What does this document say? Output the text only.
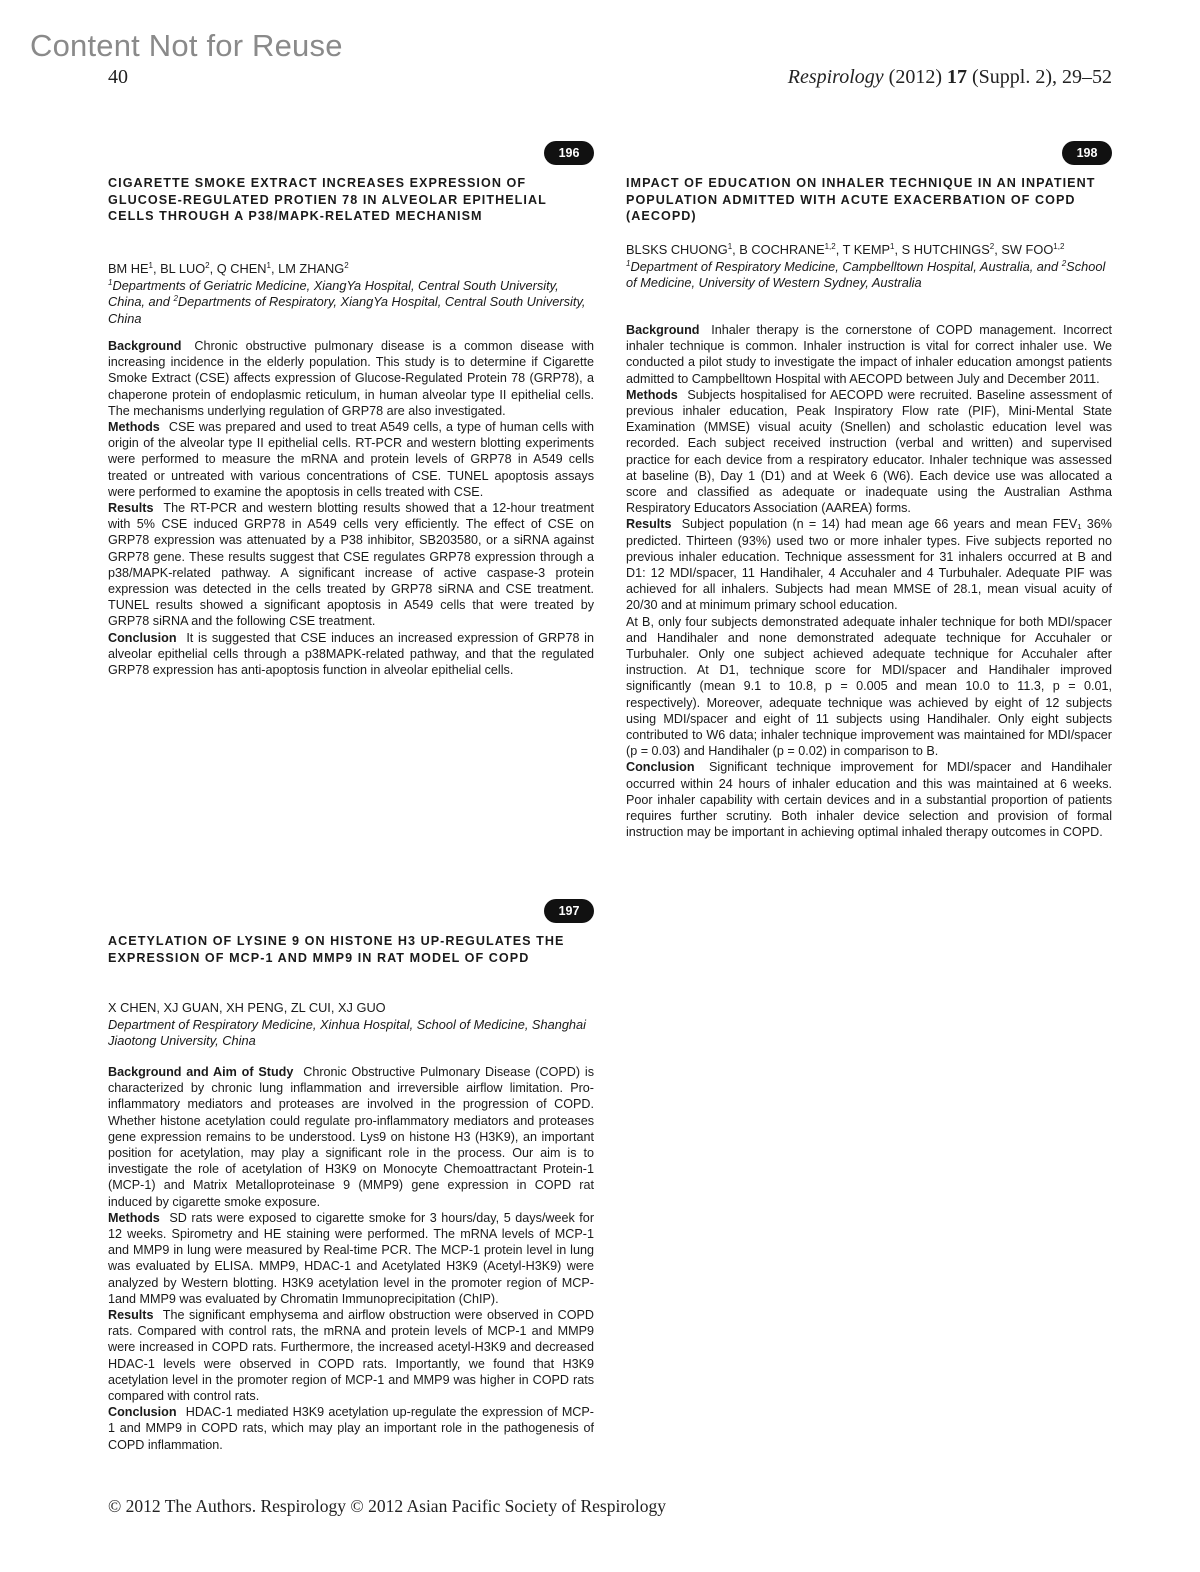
Content Not for Reuse
40	Respirology (2012) 17 (Suppl. 2), 29–52
196
CIGARETTE SMOKE EXTRACT INCREASES EXPRESSION OF GLUCOSE-REGULATED PROTIEN 78 IN ALVEOLAR EPITHELIAL CELLS THROUGH A P38/MAPK-RELATED MECHANISM

BM $HE^1$, BL LUO$^2$, Q CHEN$^1$, LM ZHANG$^2$

$^1$Departments of Geriatric Medicine, XiangYa Hospital, Central South University, China, and $^2$Departments of Respiratory, XiangYa Hospital, Central South University, China

Background Chronic obstructive pulmonary disease is a common disease with increasing incidence in the elderly population. This study is to determine if Cigarette Smoke Extract (CSE) affects expression of Glucose-Regulated Protein 78 (GRP78), a chaperone protein of endoplasmic reticulum, in human alveolar type II epithelial cells. The mechanisms underlying regulation of GRP78 are also investigated.

Methods CSE was prepared and used to treat A549 cells, a type of human cells with origin of the alveolar type II epithelial cells. RT-PCR and western blotting experiments were performed to measure the mRNA and protein levels of GRP78 in A549 cells treated or untreated with various concentrations of CSE. TUNEL apoptosis assays were performed to examine the apoptosis in cells treated with CSE.

Results The RT-PCR and western blotting results showed that a 12-hour treatment with 5% CSE induced GRP78 in A549 cells very efficiently. The effect of CSE on GRP78 expression was attenuated by a P38 inhibitor, SB203580, or a siRNA against GRP78 gene. These results suggest that CSE regulates GRP78 expression through a p38/MAPK-related pathway. A significant increase of active caspase-3 protein expression was detected in the cells treated by GRP78 siRNA and CSE treatment. TUNEL results showed a significant apoptosis in A549 cells that were treated by GRP78 siRNA and the following CSE treatment.

Conclusion It is suggested that CSE induces an increased expression of GRP78 in alveolar epithelial cells through a p38MAPK-related pathway, and that the regulated GRP78 expression has anti-apoptosis function in alveolar epithelial cells.

197
ACETYLATION OF LYSINE 9 ON HISTONE H3 UP-REGULATES THE EXPRESSION OF MCP-1 AND MMP9 IN RAT MODEL OF COPD

X CHEN, XJ GUAN, XH PENG, ZL CUI, XJ GUO

Department of Respiratory Medicine, Xinhua Hospital, School of Medicine, Shanghai Jiaotong University, China

Background and Aim of Study Chronic Obstructive Pulmonary Disease (COPD) is characterized by chronic lung inflammation and irreversible airflow limitation. Pro-inflammatory mediators and proteases are involved in the progression of COPD. Whether histone acetylation could regulate pro-inflammatory mediators and proteases gene expression remains to be understood. Lys9 on histone H3 (H3K9), an important position for acetylation, may play a significant role in the process. Our aim is to investigate the role of acetylation of H3K9 on Monocyte Chemoattractant Protein-1 (MCP-1) and Matrix Metalloproteinase 9 (MMP9) gene expression in COPD rat induced by cigarette smoke exposure.

Methods SD rats were exposed to cigarette smoke for 3 hours/day, 5 days/week for 12 weeks. Spirometry and HE staining were performed. The mRNA levels of MCP-1 and MMP9 in lung were measured by Real-time PCR. The MCP-1 protein level in lung was evaluated by ELISA. MMP9, HDAC-1 and Acetylated H3K9 (Acetyl-H3K9) were analyzed by Western blotting. H3K9 acetylation level in the promoter region of MCP-1and MMP9 was evaluated by Chromatin Immunoprecipitation (ChIP).

Results The significant emphysema and airflow obstruction were observed in COPD rats. Compared with control rats, the mRNA and protein levels of MCP-1 and MMP9 were increased in COPD rats. Furthermore, the increased acetyl-H3K9 and decreased HDAC-1 levels were observed in COPD rats. Importantly, we found that H3K9 acetylation level in the promoter region of MCP-1 and MMP9 was higher in COPD rats compared with control rats.

Conclusion HDAC-1 mediated H3K9 acetylation up-regulate the expression of MCP-1 and MMP9 in COPD rats, which may play an important role in the pathogenesis of COPD inflammation.

198
IMPACT OF EDUCATION ON INHALER TECHNIQUE IN AN INPATIENT POPULATION ADMITTED WITH ACUTE EXACERBATION OF COPD (AECOPD)

BLSKS CHUONG$^1$, B COCHRANE$^{1,2}$, T KEMP$^1$, S HUTCHINGS$^2$, SW FOO$^{1,2}$

$^1$Department of Respiratory Medicine, Campbelltown Hospital, Australia, and $^2$School of Medicine, University of Western Sydney, Australia

Background Inhaler therapy is the cornerstone of COPD management. Incorrect inhaler technique is common. Inhaler instruction is vital for correct inhaler use. We conducted a pilot study to investigate the impact of inhaler education amongst patients admitted to Campbelltown Hospital with AECOPD between July and December 2011.

Methods Subjects hospitalised for AECOPD were recruited. Baseline assessment of previous inhaler education, Peak Inspiratory Flow rate (PIF), Mini-Mental State Examination (MMSE) visual acuity (Snellen) and scholastic education level was recorded. Each subject received instruction (verbal and written) and supervised practice for each device from a respiratory educator. Inhaler technique was assessed at baseline (B), Day 1 (D1) and at Week 6 (W6). Each device use was allocated a score and classified as adequate or inadequate using the Australian Asthma Respiratory Educators Association (AAREA) forms.

Results Subject population (n = 14) had mean age 66 years and mean FEV₁ 36% predicted. Thirteen (93%) used two or more inhaler types. Five subjects reported no previous inhaler education. Technique assessment for 31 inhalers occurred at B and D1: 12 MDI/spacer, 11 Handihaler, 4 Accuhaler and 4 Turbuhaler. Adequate PIF was achieved for all inhalers. Subjects had mean MMSE of 28.1, mean visual acuity of 20/30 and at minimum primary school education.

At B, only four subjects demonstrated adequate inhaler technique for both MDI/spacer and Handihaler and none demonstrated adequate technique for Accuhaler or Turbuhaler. Only one subject achieved adequate technique for Accuhaler after instruction. At D1, technique score for MDI/spacer and Handihaler improved significantly (mean 9.1 to 10.8, p = 0.005 and mean 10.0 to 11.3, p = 0.01, respectively). Moreover, adequate technique was achieved by eight of 12 subjects using MDI/spacer and eight of 11 subjects using Handihaler. Only eight subjects contributed to W6 data; inhaler technique improvement was maintained for MDI/spacer (p = 0.03) and Handihaler (p = 0.02) in comparison to B.

Conclusion Significant technique improvement for MDI/spacer and Handihaler occurred within 24 hours of inhaler education and this was maintained at 6 weeks. Poor inhaler capability with certain devices and in a substantial proportion of patients requires further scrutiny. Both inhaler device selection and provision of formal instruction may be important in achieving optimal inhaled therapy outcomes in COPD.

© 2012 The Authors. Respirology © 2012 Asian Pacific Society of Respirology
